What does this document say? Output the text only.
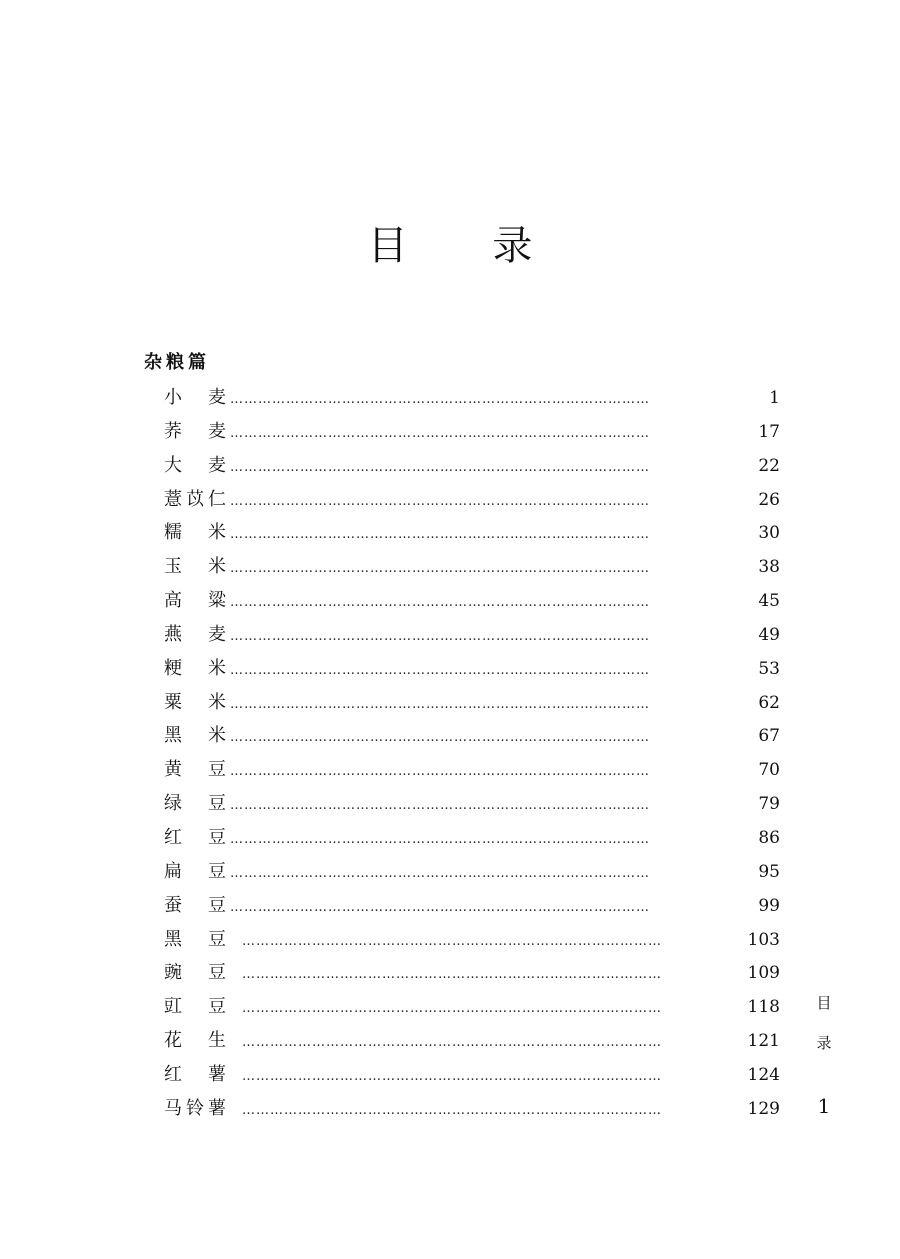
目 录
杂粮篇
小 麦 ………………………………………………………………………………	1
荞 麦 ………………………………………………………………………………	17
大 麦 ………………………………………………………………………………	22
薏苡仁 ………………………………………………………………………………	26
糯 米 ………………………………………………………………………………	30
玉 米 ………………………………………………………………………………	38
高 粱 ………………………………………………………………………………	45
燕 麦 ………………………………………………………………………………	49
粳 米 ………………………………………………………………………………	53
粟 米 ………………………………………………………………………………	62
黑 米 ………………………………………………………………………………	67
黄 豆 ………………………………………………………………………………	70
绿 豆 ………………………………………………………………………………	79
红 豆 ………………………………………………………………………………	86
扁 豆 ………………………………………………………………………………	95
蚕 豆 ………………………………………………………………………………	99
黑 豆 ………………………………………………………………………………	103
豌 豆 ………………………………………………………………………………	109
豇 豆 ………………………………………………………………………………	118
花 生 ………………………………………………………………………………	121
红 薯 ………………………………………………………………………………	124
马铃薯 ………………………………………………………………………………	129
目
录
1
